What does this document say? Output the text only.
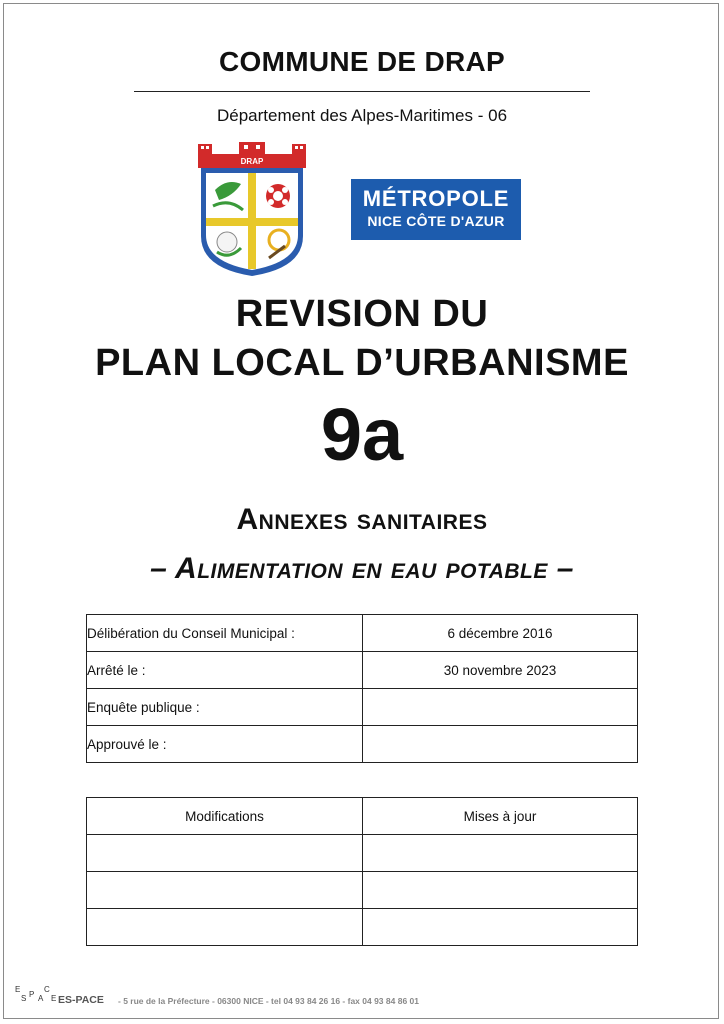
COMMUNE DE DRAP
Département des Alpes-Maritimes - 06
DRAP
MÉTROPOLE
NICE CÔTE D'AZUR
REVISION DU
PLAN LOCAL D’URBANISME
9a
Annexes sanitaires
– Alimentation en eau potable –
Délibération du Conseil Municipal :	6 décembre 2016
Arrêté le :	30 novembre 2023
Enquête publique :	
Approuvé le :	
Modifications	Mises à jour

E
S P A
C
E ES-PACE - 5 rue de la Préfecture - 06300 NICE - tel 04 93 84 26 16 - fax 04 93 84 86 01
